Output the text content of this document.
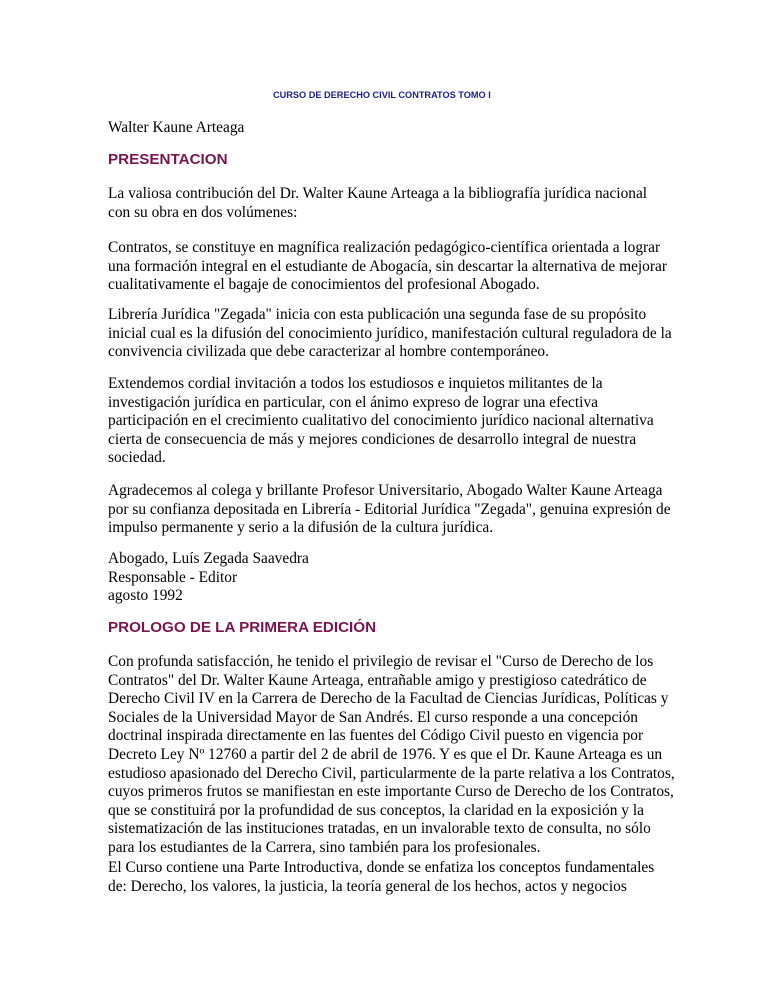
CURSO DE DERECHO CIVIL CONTRATOS TOMO I
Walter Kaune Arteaga
PRESENTACION
La valiosa contribución del Dr. Walter Kaune Arteaga a la bibliografía jurídica nacional
con su obra en dos volúmenes:
Contratos, se constituye en magnífica realización pedagógico-científica orientada a lograr
una formación integral en el estudiante de Abogacía, sin descartar la alternativa de mejorar
cualitativamente el bagaje de conocimientos del profesional Abogado.
Librería Jurídica "Zegada" inicia con esta publicación una segunda fase de su propósito
inicial cual es la difusión del conocimiento jurídico, manifestación cultural reguladora de la
convivencia civilizada que debe caracterizar al hombre contemporáneo.
Extendemos cordial invitación a todos los estudiosos e inquietos militantes de la
investigación jurídica en particular, con el ánimo expreso de lograr una efectiva
participación en el crecimiento cualitativo del conocimiento jurídico nacional alternativa
cierta de consecuencia de más y mejores condiciones de desarrollo integral de nuestra
sociedad.
Agradecemos al colega y brillante Profesor Universitario, Abogado Walter Kaune Arteaga
por su confianza depositada en Librería - Editorial Jurídica "Zegada", genuina expresión de
impulso permanente y serio a la difusión de la cultura jurídica.
Abogado, Luís Zegada Saavedra
Responsable - Editor
agosto 1992
PROLOGO DE LA PRIMERA EDICIÓN
Con profunda satisfacción, he tenido el privilegio de revisar el "Curso de Derecho de los
Contratos" del Dr. Walter Kaune Arteaga, entrañable amigo y prestigioso catedrático de
Derecho Civil IV en la Carrera de Derecho de la Facultad de Ciencias Jurídicas, Políticas y
Sociales de la Universidad Mayor de San Andrés. El curso responde a una concepción
doctrinal inspirada directamente en las fuentes del Código Civil puesto en vigencia por
Decreto Ley Nº 12760 a partir del 2 de abril de 1976. Y es que el Dr. Kaune Arteaga es un
estudioso apasionado del Derecho Civil, particularmente de la parte relativa a los Contratos,
cuyos primeros frutos se manifiestan en este importante Curso de Derecho de los Contratos,
que se constituirá por la profundidad de sus conceptos, la claridad en la exposición y la
sistematización de las instituciones tratadas, en un invalorable texto de consulta, no sólo
para los estudiantes de la Carrera, sino también para los profesionales.
El Curso contiene una Parte Introductiva, donde se enfatiza los conceptos fundamentales
de: Derecho, los valores, la justicia, la teoría general de los hechos, actos y negocios
